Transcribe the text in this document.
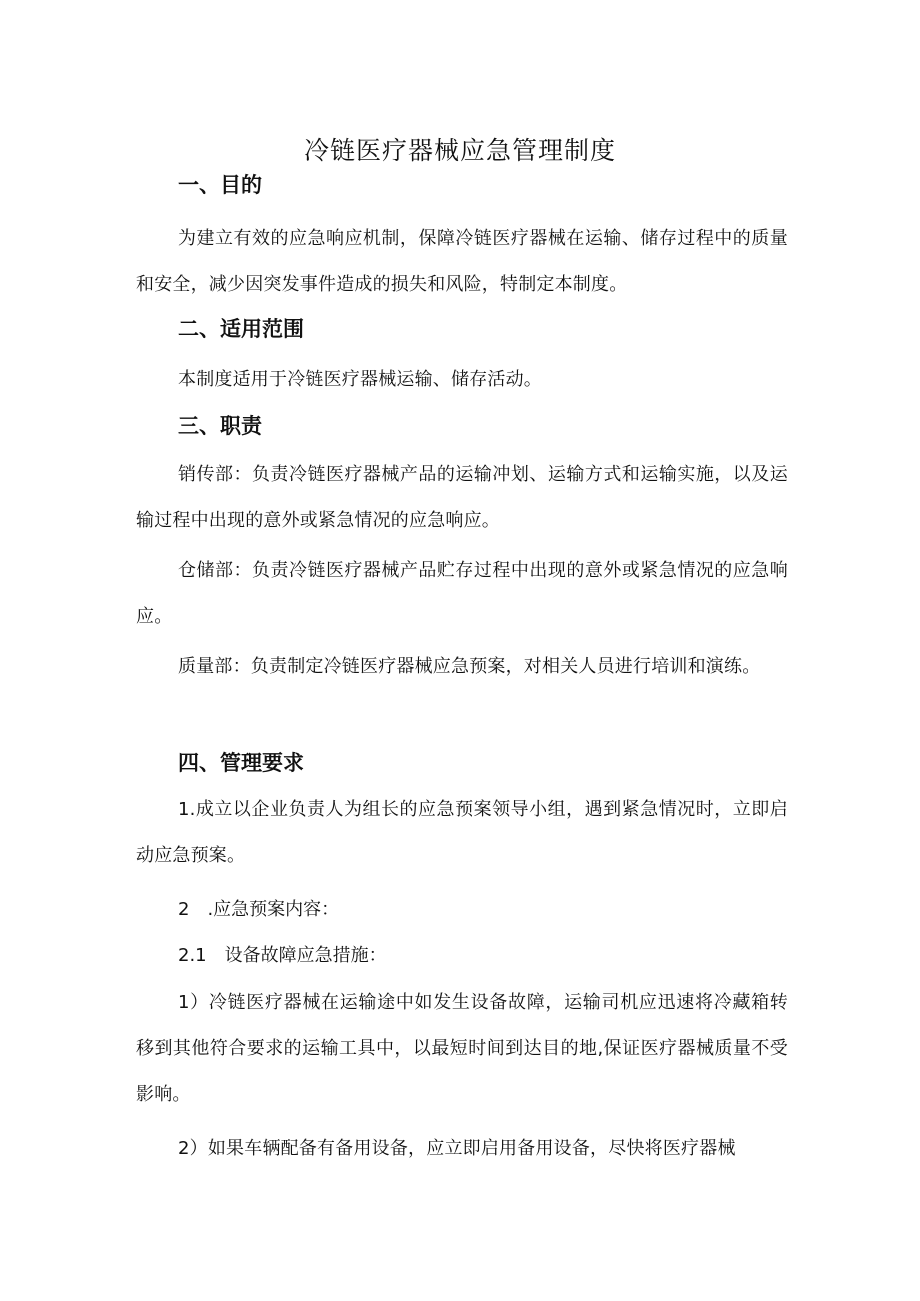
冷链医疗器械应急管理制度
一、目的

为建立有效的应急响应机制，保障冷链医疗器械在运输、储存过程中的质量和安全，减少因突发事件造成的损失和风险，特制定本制度。

二、适用范围

本制度适用于冷链医疗器械运输、储存活动。

三、职责

销传部：负责冷链医疗器械产品的运输冲划、运输方式和运输实施，以及运输过程中出现的意外或紧急情况的应急响应。

仓储部：负责冷链医疗器械产品贮存过程中出现的意外或紧急情况的应急响应。

质量部：负责制定冷链医疗器械应急预案，对相关人员进行培训和演练。

四、管理要求

1.成立以企业负责人为组长的应急预案领导小组，遇到紧急情况时，立即启动应急预案。

2　.应急预案内容：

2.1　设备故障应急措施：

1）冷链医疗器械在运输途中如发生设备故障，运输司机应迅速将冷藏箱转移到其他符合要求的运输工具中，以最短时间到达目的地,保证医疗器械质量不受影响。

2）如果车辆配备有备用设备，应立即启用备用设备，尽快将医疗器械
